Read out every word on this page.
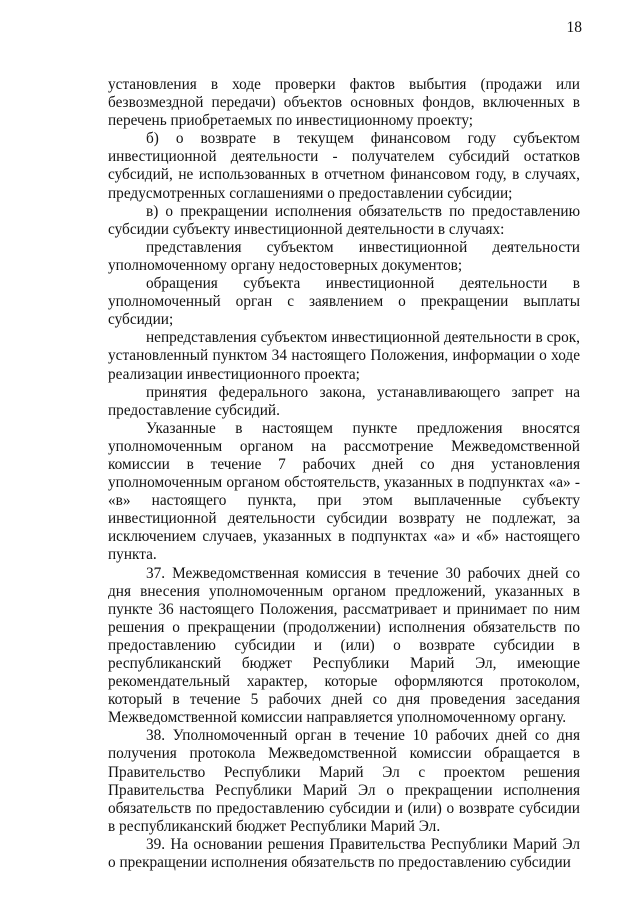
18

установления в ходе проверки фактов выбытия (продажи или безвозмездной передачи) объектов основных фондов, включенных в перечень приобретаемых по инвестиционному проекту;

б) о возврате в текущем финансовом году субъектом инвестиционной деятельности - получателем субсидий остатков субсидий, не использованных в отчетном финансовом году, в случаях, предусмотренных соглашениями о предоставлении субсидии;

в) о прекращении исполнения обязательств по предоставлению субсидии субъекту инвестиционной деятельности в случаях:

представления субъектом инвестиционной деятельности уполномоченному органу недостоверных документов;

обращения субъекта инвестиционной деятельности в уполномоченный орган с заявлением о прекращении выплаты субсидии;

непредставления субъектом инвестиционной деятельности в срок, установленный пунктом 34 настоящего Положения, информации о ходе реализации инвестиционного проекта;

принятия федерального закона, устанавливающего запрет на предоставление субсидий.

Указанные в настоящем пункте предложения вносятся уполномоченным органом на рассмотрение Межведомственной комиссии в течение 7 рабочих дней со дня установления уполномоченным органом обстоятельств, указанных в подпунктах «а» - «в» настоящего пункта, при этом выплаченные субъекту инвестиционной деятельности субсидии возврату не подлежат, за исключением случаев, указанных в подпунктах «а» и «б» настоящего пункта.

37. Межведомственная комиссия в течение 30 рабочих дней со дня внесения уполномоченным органом предложений, указанных в пункте 36 настоящего Положения, рассматривает и принимает по ним решения о прекращении (продолжении) исполнения обязательств по предоставлению субсидии и (или) о возврате субсидии в республиканский бюджет Республики Марий Эл, имеющие рекомендательный характер, которые оформляются протоколом, который в течение 5 рабочих дней со дня проведения заседания Межведомственной комиссии направляется уполномоченному органу.

38. Уполномоченный орган в течение 10 рабочих дней со дня получения протокола Межведомственной комиссии обращается в Правительство Республики Марий Эл с проектом решения Правительства Республики Марий Эл о прекращении исполнения обязательств по предоставлению субсидии и (или) о возврате субсидии в республиканский бюджет Республики Марий Эл.

39. На основании решения Правительства Республики Марий Эл о прекращении исполнения обязательств по предоставлению субсидии
